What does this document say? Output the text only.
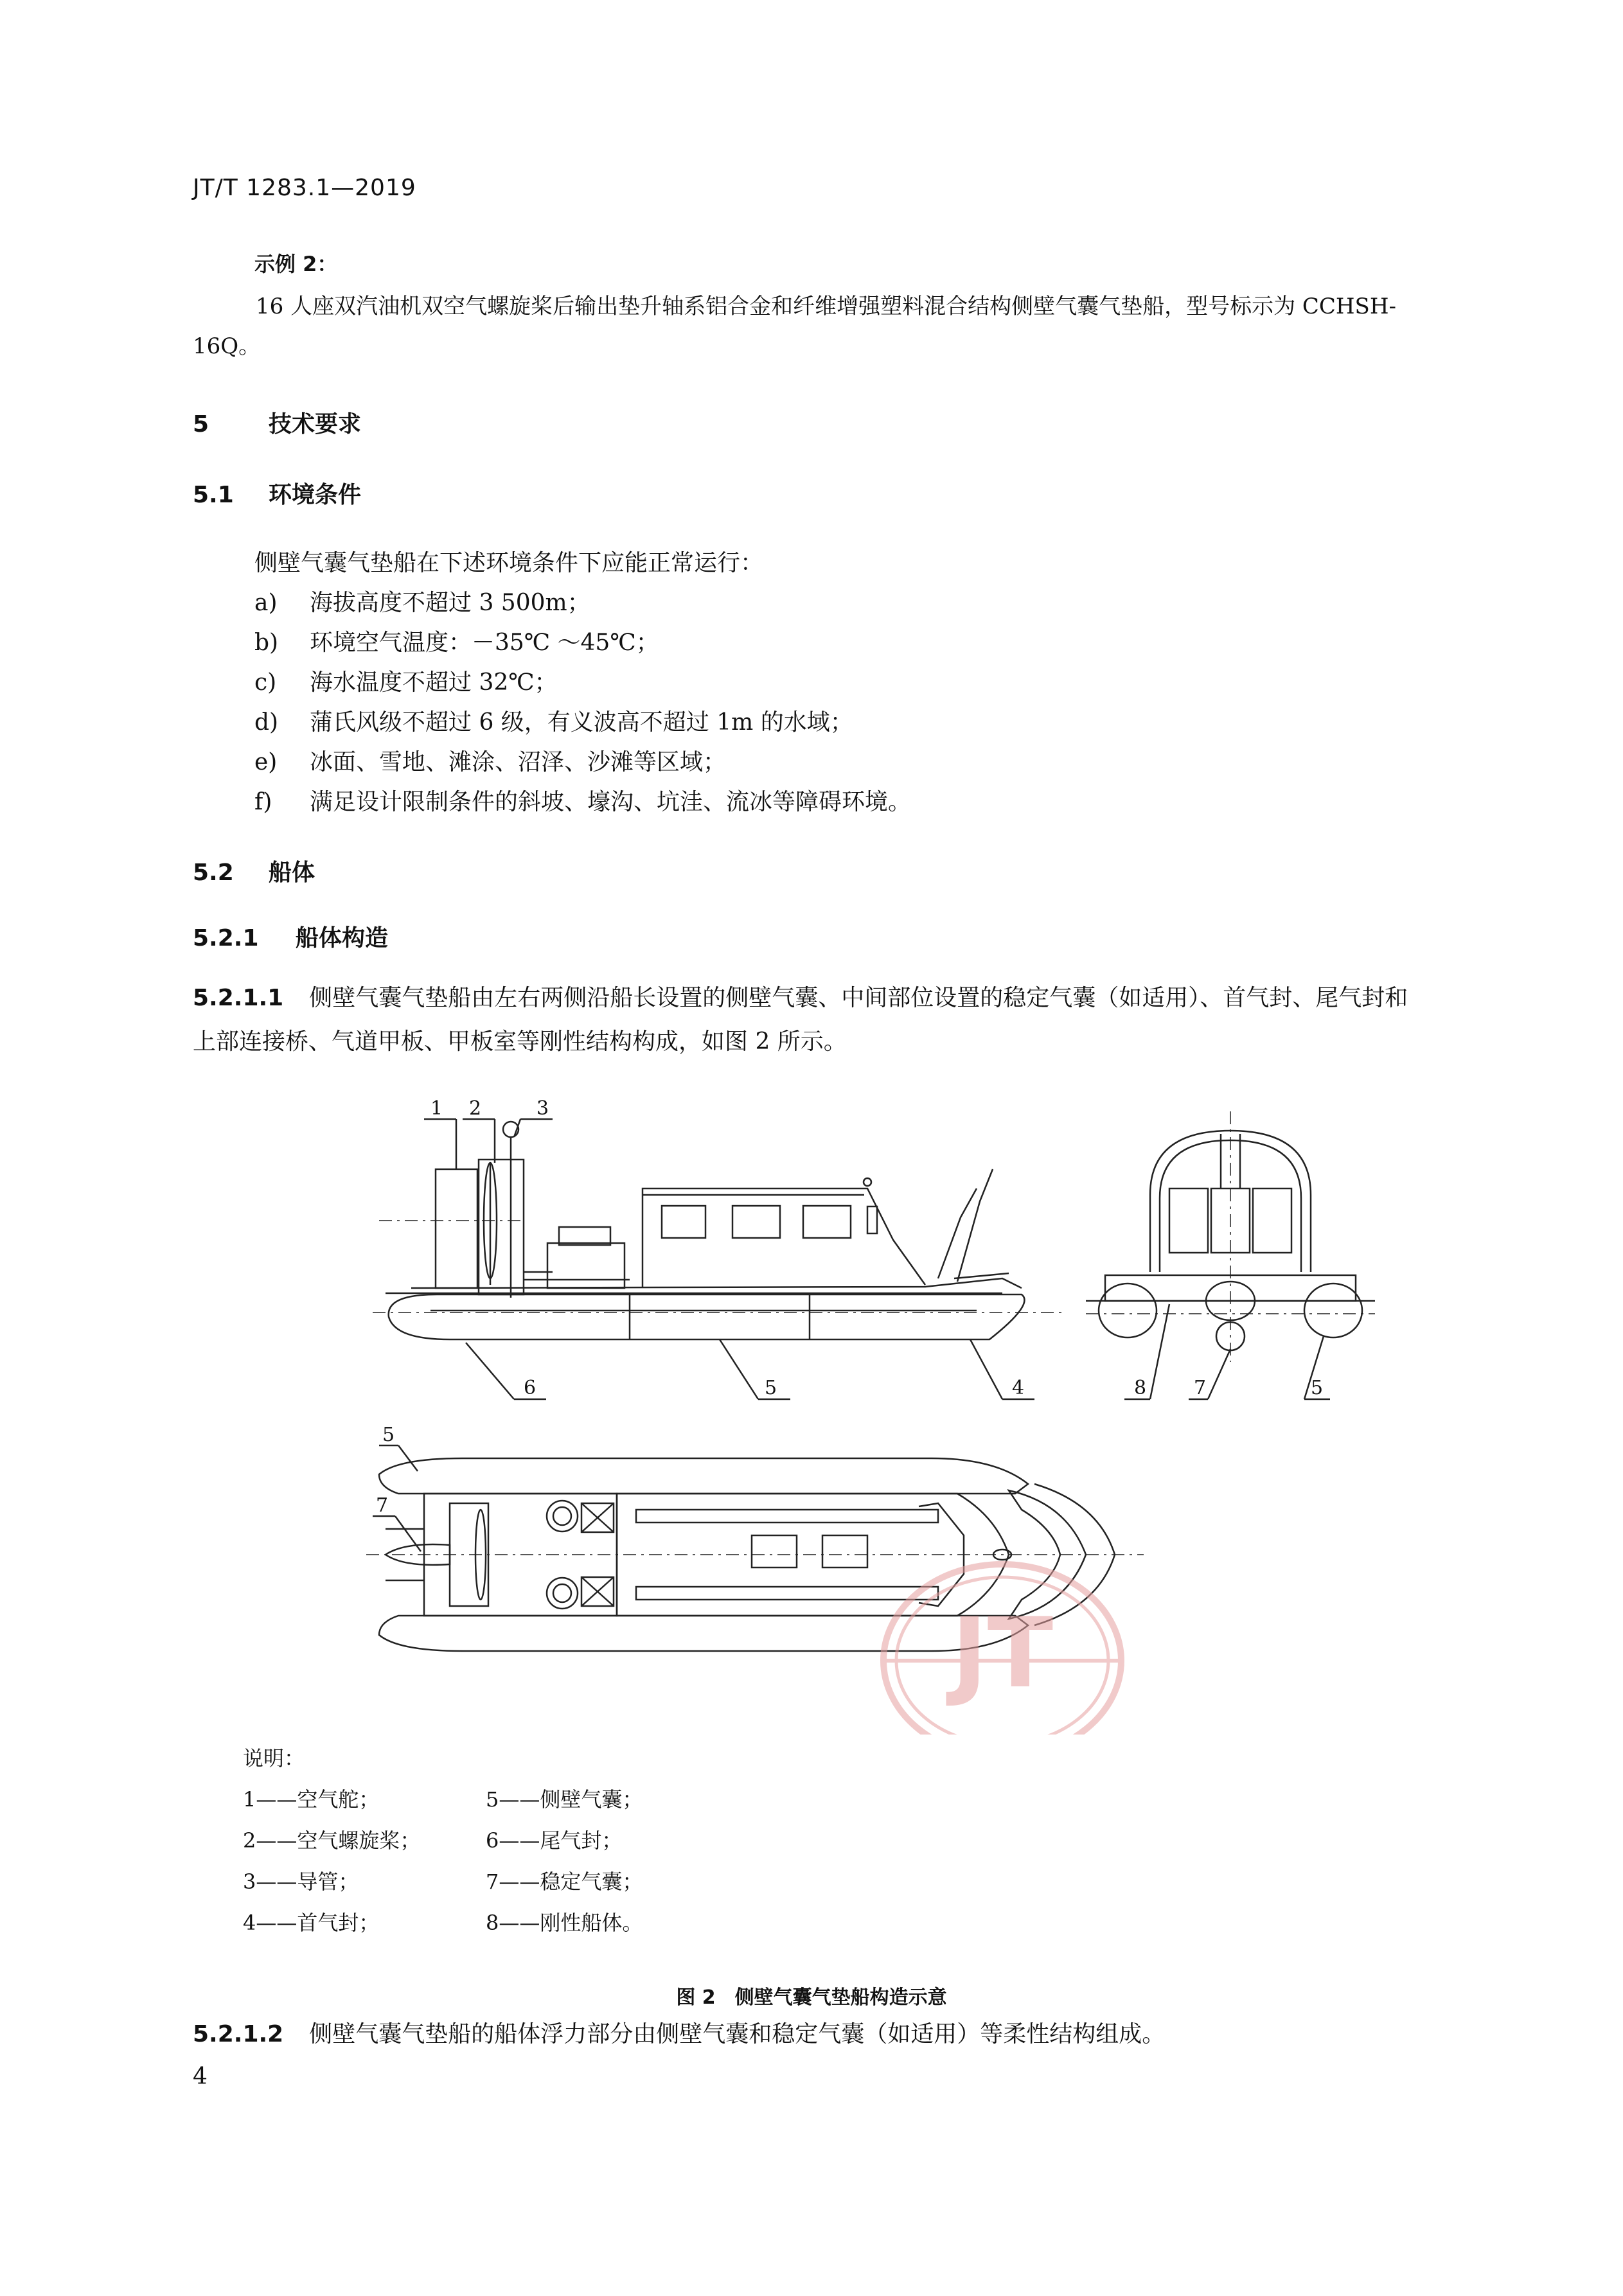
JT/T 1283.1—2019
示例 2：
16 人座双汽油机双空气螺旋桨后输出垫升轴系铝合金和纤维增强塑料混合结构侧壁气囊气垫船，型号标示为 CCHSH-16Q。
5	技术要求
5.1 环境条件
侧壁气囊气垫船在下述环境条件下应能正常运行：
a) 海拔高度不超过 3 500m；
b) 环境空气温度：－35℃ ～45℃；
c) 海水温度不超过 32℃；
d) 蒲氏风级不超过 6 级，有义波高不超过 1m 的水域；
e) 冰面、雪地、滩涂、沼泽、沙滩等区域；
f) 满足设计限制条件的斜坡、壕沟、坑洼、流冰等障碍环境。
5.2 船体
5.2.1 船体构造
5.2.1.1 侧壁气囊气垫船由左右两侧沿船长设置的侧壁气囊、中间部位设置的稳定气囊（如适用）、首气封、尾气封和上部连接桥、气道甲板、甲板室等刚性结构构成，如图 2 所示。
1 2	3
4
5	5
5
6	7
7
8
JT
说明：
1——空气舵；	5——侧壁气囊；
2——空气螺旋桨；	6——尾气封；
3——导管；	7——稳定气囊；
4——首气封；	8——刚性船体。
图 2　侧壁气囊气垫船构造示意
5.2.1.2 侧壁气囊气垫船的船体浮力部分由侧壁气囊和稳定气囊（如适用）等柔性结构组成。
4
